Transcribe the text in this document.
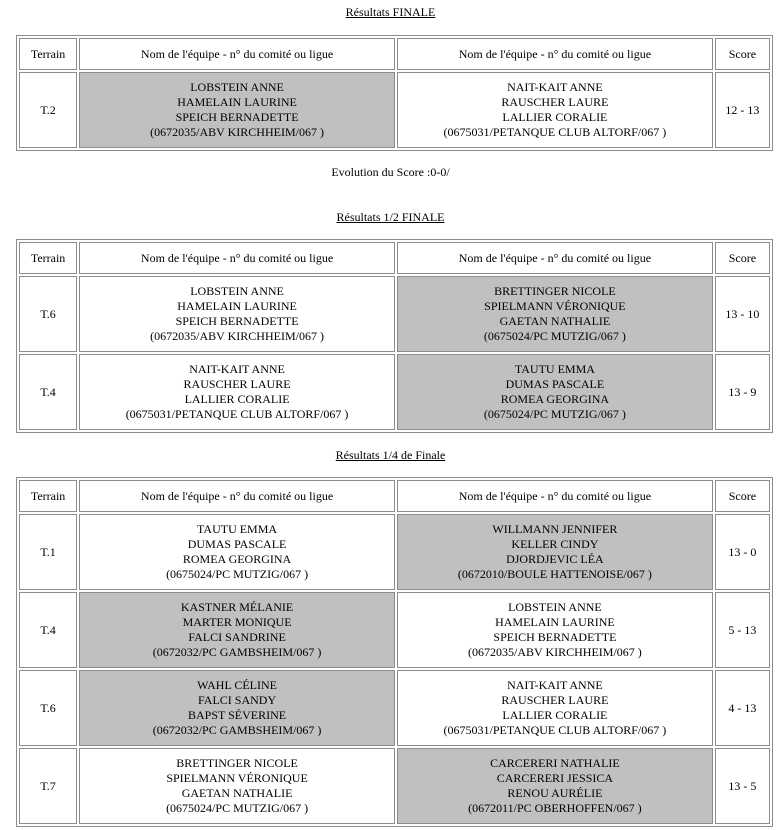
Résultats FINALE
Terrain	Nom de l'équipe - n° du comité ou ligue	Nom de l'équipe - n° du comité ou ligue	Score
T.2	LOBSTEIN ANNE
HAMELAIN LAURINE
SPEICH BERNADETTE
(0672035/ABV KIRCHHEIM/067 )	NAIT-KAIT ANNE
RAUSCHER LAURE
LALLIER CORALIE
(0675031/PETANQUE CLUB ALTORF/067 )	12 - 13
Evolution du Score :0-0/
Résultats 1/2 FINALE
Terrain	Nom de l'équipe - n° du comité ou ligue	Nom de l'équipe - n° du comité ou ligue	Score
T.6	LOBSTEIN ANNE
HAMELAIN LAURINE
SPEICH BERNADETTE
(0672035/ABV KIRCHHEIM/067 )	BRETTINGER NICOLE
SPIELMANN VÉRONIQUE
GAETAN NATHALIE
(0675024/PC MUTZIG/067 )	13 - 10
T.4	NAIT-KAIT ANNE
RAUSCHER LAURE
LALLIER CORALIE
(0675031/PETANQUE CLUB ALTORF/067 )	TAUTU EMMA
DUMAS PASCALE
ROMEA GEORGINA
(0675024/PC MUTZIG/067 )	13 - 9
Résultats 1/4 de Finale
Terrain	Nom de l'équipe - n° du comité ou ligue	Nom de l'équipe - n° du comité ou ligue	Score
T.1	TAUTU EMMA
DUMAS PASCALE
ROMEA GEORGINA
(0675024/PC MUTZIG/067 )	WILLMANN JENNIFER
KELLER CINDY
DJORDJEVIC LÉA
(0672010/BOULE HATTENOISE/067 )	13 - 0
T.4	KASTNER MÉLANIE
MARTER MONIQUE
FALCI SANDRINE
(0672032/PC GAMBSHEIM/067 )	LOBSTEIN ANNE
HAMELAIN LAURINE
SPEICH BERNADETTE
(0672035/ABV KIRCHHEIM/067 )	5 - 13
T.6	WAHL CÉLINE
FALCI SANDY
BAPST SÉVERINE
(0672032/PC GAMBSHEIM/067 )	NAIT-KAIT ANNE
RAUSCHER LAURE
LALLIER CORALIE
(0675031/PETANQUE CLUB ALTORF/067 )	4 - 13
T.7	BRETTINGER NICOLE
SPIELMANN VÉRONIQUE
GAETAN NATHALIE
(0675024/PC MUTZIG/067 )	CARCERERI NATHALIE
CARCERERI JESSICA
RENOU AURÉLIE
(0672011/PC OBERHOFFEN/067 )	13 - 5
